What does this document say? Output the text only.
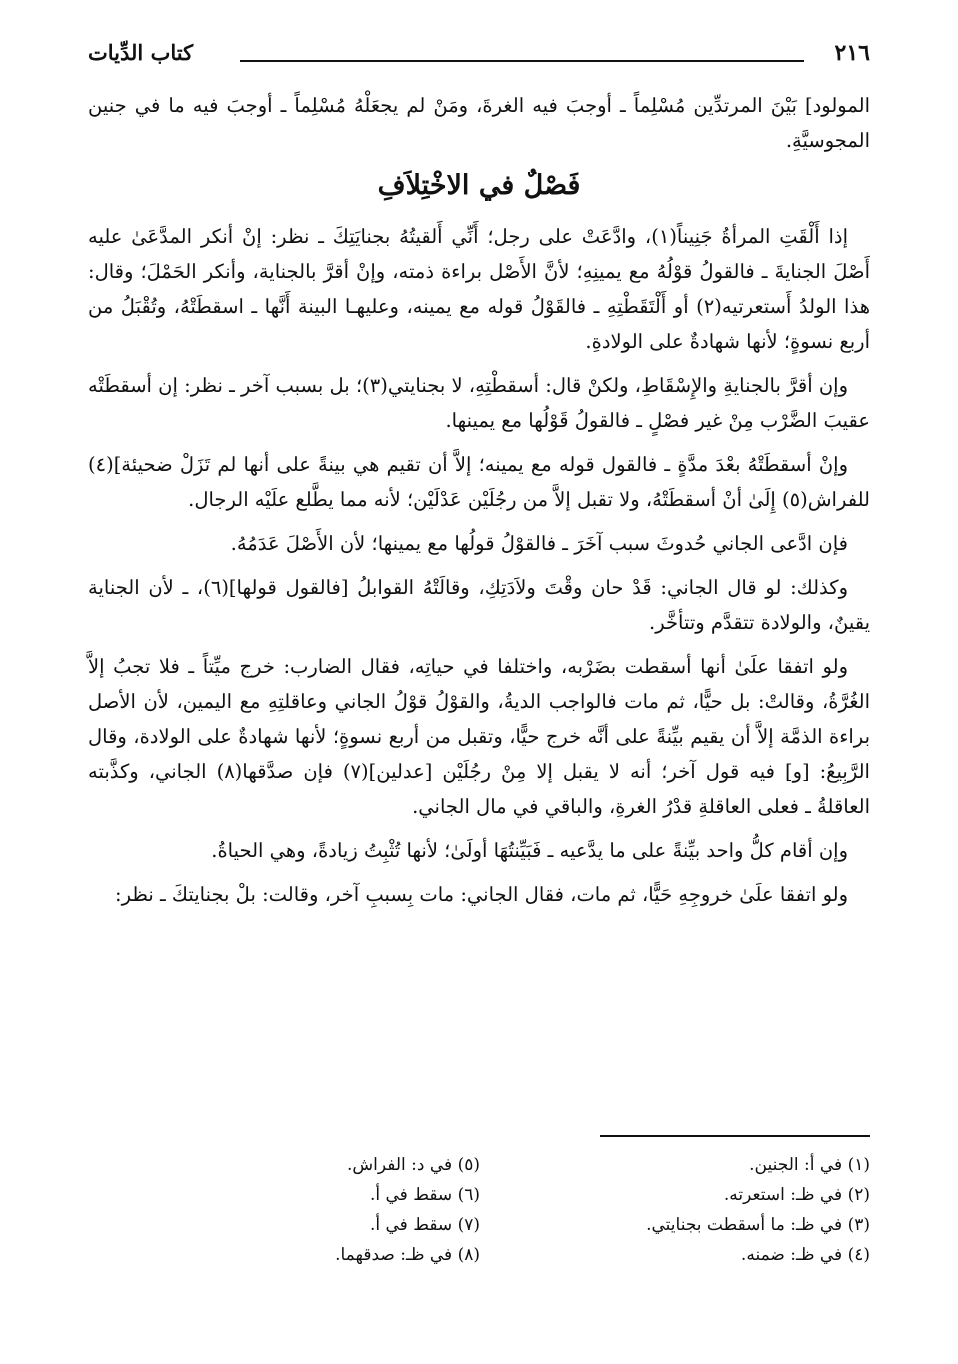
٢١٦
كتاب الدِّيات

المولود] بَيْنَ المرتدِّين مُسْلِماً ـ أوجبَ فيه الغرةَ، ومَنْ لم يجعَلْهُ مُسْلِماً ـ أوجبَ فيه ما في جنين المجوسيَّةِ.

فَصْلٌ في الاخْتِلاَفِ

إذا أَلْقَتِ المرأةُ جَنِيناً(١)، وادَّعَتْ على رجل؛ أَنِّي أَلقيتُهُ بجنايَتِكَ ـ نظر: إنْ أنكر المدَّعَىٰ عليه أَصْلَ الجنايةَ ـ فالقولُ قوْلُهُ مع يمينِهِ؛ لأنَّ الأَصْل براءة ذمته، وإنْ أقرَّ بالجناية، وأنكر الحَمْلَ؛ وقال: هذا الولدُ أَستعرتيه(٢) أو أَلْتَقَطْتِهِ ـ فالقَوْلُ قوله مع يمينه، وعليهـا البينة أَنَّها ـ اسقطَتْهُ، وتُقْبَلُ من أربع نسوةٍ؛ لأنها شهادةٌ على الولادةِ.

وإن أقرَّ بالجنايةِ والإِسْقَاطِ، ولكنْ قال: أسقطْتِهِ، لا بجنايتي(٣)؛ بل بسبب آخر ـ نظر: إن أسقطَتْه عقيبَ الضَّرْب مِنْ غير فصْلٍ ـ فالقولُ قَوْلُها مع يمينها.

وإنْ أسقطَتْهُ بعْدَ مدَّةٍ ـ فالقول قوله مع يمينه؛ إلاَّ أن تقيم هي بينةً على أنها لم تَزَلْ ضحيئة](٤) للفراش(٥) إِلَىٰ أنْ أسقطَتْهُ، ولا تقبل إلاَّ من رجُلَيْن عَدْلَيْن؛ لأنه مما يطَّلع علَيْه الرجال.

فإن ادَّعى الجاني حُدوثَ سبب آخَرَ ـ فالقوْلُ قولُها مع يمينها؛ لأن الأَصْلَ عَدَمُهُ.

وكذلك: لو قال الجاني: قَدْ حان وقْتَ ولاَدَتِكِ، وقالَتْهُ القوابلُ [فالقول قولها](٦)، ـ لأن الجناية يقينٌ، والولادة تتقدَّم وتتأخَّر.

ولو اتفقا علَىٰ أنها أسقطت بضَرْبه، واختلفا في حياتِه، فقال الضارب: خرج ميِّتاً ـ فلا تجبُ إلاَّ الغُرَّةُ، وقالتْ: بل حيًّا، ثم مات فالواجب الديةُ، والقوْلُ قوْلُ الجاني وعاقلتِهِ مع اليمين، لأن الأصل براءة الذمَّة إلاَّ أن يقيم بيِّنةً على أنَّه خرج حيًّا، وتقبل من أربع نسوةٍ؛ لأنها شهادةٌ على الولادة، وقال الرَّبِيعُ: [و] فيه قول آخر؛ أنه لا يقبل إلا مِنْ رجُلَيْن [عدلين](٧) فإن صدَّقها(٨) الجاني، وكذَّبته العاقلةُ ـ فعلى العاقلةِ قدْرُ الغرةِ، والباقي في مال الجاني.

وإن أقام كلُّ واحد بيِّنةً على ما يدَّعيه ـ فَبَيِّنتُهَا أولَىٰ؛ لأنها تُثْبِتُ زيادةً، وهي الحياةُ.

ولو اتفقا علَىٰ خروجِهِ حَيًّا، ثم مات، فقال الجاني: مات بِسببِ آخر، وقالت: بلْ بجنايتكَ ـ نظر:

(١) في أ: الجنين.
(٢) في ظـ: استعرته.
(٣) في ظـ: ما أسقطت بجنايتي.
(٤) في ظـ: ضمنه.
(٥) في د: الفراش.
(٦) سقط في أ.
(٧) سقط في أ.
(٨) في ظـ: صدقهما.
